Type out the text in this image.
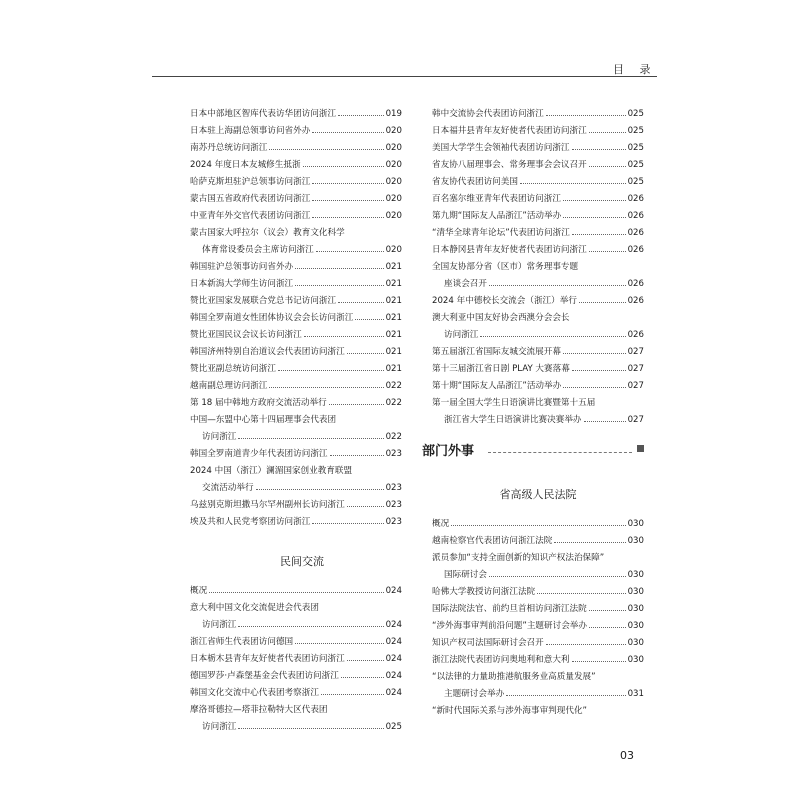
目 录
日本中部地区智库代表访华团访问浙江	019
日本驻上海副总领事访问省外办	020
南苏丹总统访问浙江	020
2024 年度日本友城修生抵浙	020
哈萨克斯坦驻沪总领事访问浙江	020
蒙古国五省政府代表团访问浙江	020
中亚青年外交官代表团访问浙江	020
蒙古国家大呼拉尔（议会）教育文化科学
体育常设委员会主席访问浙江	020
韩国驻沪总领事访问省外办	021
日本新潟大学师生访问浙江	021
赞比亚国家发展联合党总书记访问浙江	021
韩国全罗南道女性团体协议会会长访问浙江	021
赞比亚国民议会议长访问浙江	021
韩国济州特别自治道议会代表团访问浙江	021
赞比亚副总统访问浙江	021
越南副总理访问浙江	022
第 18 届中韩地方政府交流活动举行	022
中国—东盟中心第十四届理事会代表团
访问浙江	022
韩国全罗南道青少年代表团访问浙江	023
2024 中国（浙江）澜湄国家创业教育联盟
交流活动举行	023
乌兹别克斯坦撒马尔罕州副州长访问浙江	023
埃及共和人民党考察团访问浙江	023
民间交流
概况	024
意大利中国文化交流促进会代表团
访问浙江	024
浙江省师生代表团访问德国	024
日本栃木县青年友好使者代表团访问浙江	024
德国罗莎·卢森堡基金会代表团访问浙江	024
韩国文化交流中心代表团考察浙江	024
摩洛哥德拉—塔菲拉勒特大区代表团
访问浙江	025
韩中交流协会代表团访问浙江	025
日本福井县青年友好使者代表团访问浙江	025
美国大学学生会领袖代表团访问浙江	025
省友协八届理事会、常务理事会会议召开	025
省友协代表团访问美国	025
百名塞尔维亚青年代表团访问浙江	026
第九期“国际友人品浙江”活动举办	026
“清华全球青年论坛”代表团访问浙江	026
日本静冈县青年友好使者代表团访问浙江	026
全国友协部分省（区市）常务理事专题
座谈会召开	026
2024 年中德校长交流会（浙江）举行	026
澳大利亚中国友好协会西澳分会会长
访问浙江	026
第五届浙江省国际友城交流展开幕	027
第十三届浙江省日剧 PLAY 大赛落幕	027
第十期“国际友人品浙江”活动举办	027
第一届全国大学生日语演讲比赛暨第十五届
浙江省大学生日语演讲比赛决赛举办	027
部门外事
省高级人民法院
概况	030
越南检察官代表团访问浙江法院	030
派员参加“支持全面创新的知识产权法治保障”
国际研讨会	030
哈佛大学教授访问浙江法院	030
国际法院法官、前约旦首相访问浙江法院	030
“涉外海事审判前沿问题”主题研讨会举办	030
知识产权司法国际研讨会召开	030
浙江法院代表团访问奥地利和意大利	030
“以法律的力量助推港航服务业高质量发展”
主题研讨会举办	031
“新时代国际关系与涉外海事审判现代化”
03
